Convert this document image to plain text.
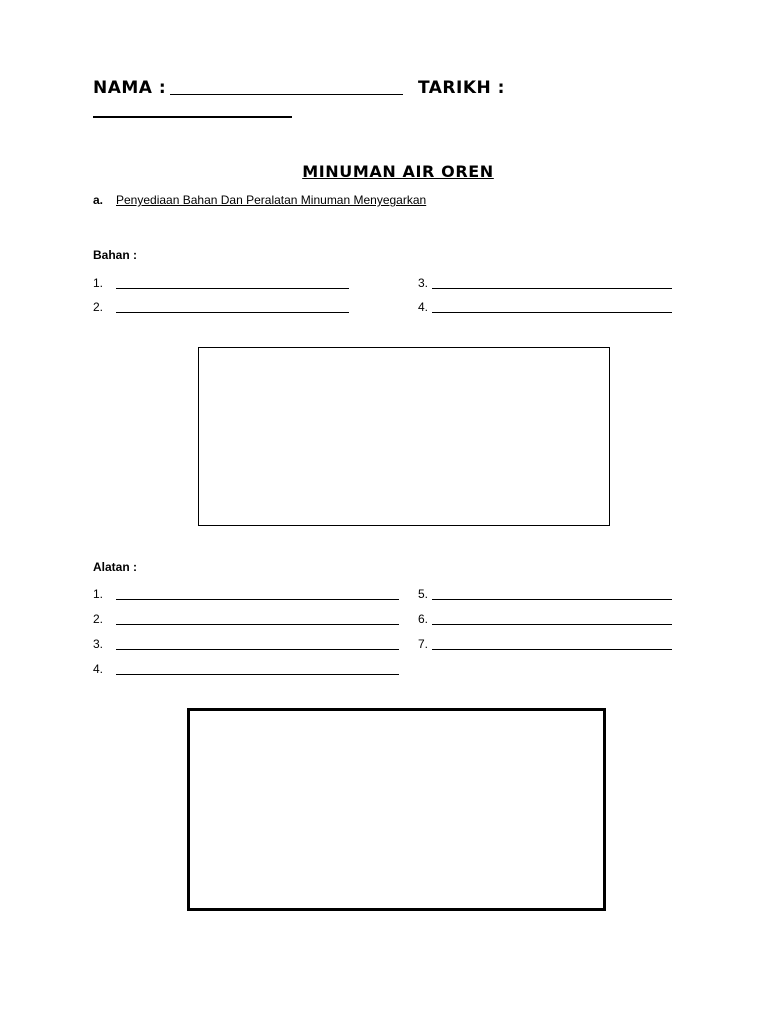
NAMA :	TARIKH :
MINUMAN AIR OREN
a. Penyediaan Bahan Dan Peralatan Minuman Menyegarkan
Bahan :
1.
2.
3.
4.
Alatan :
1.
2.
3.
4.
5.
6.
7.
